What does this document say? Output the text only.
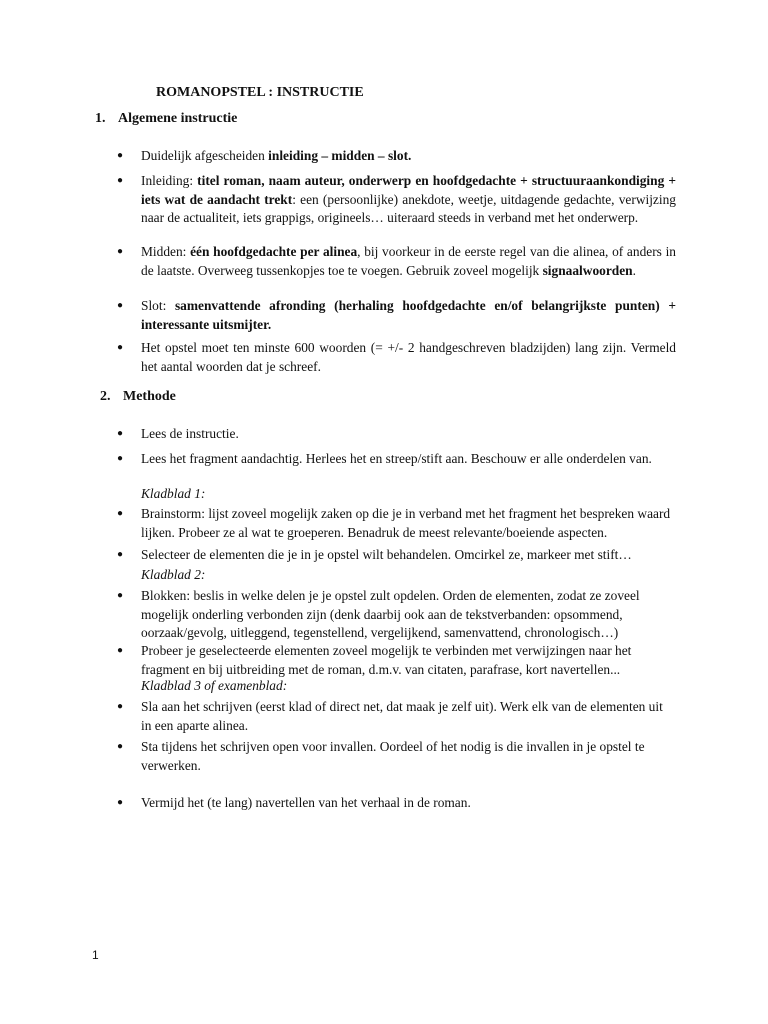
ROMANOPSTEL : INSTRUCTIE
1. Algemene instructie

● Duidelijk afgescheiden inleiding – midden – slot.

● Inleiding: titel roman, naam auteur, onderwerp en hoofdgedachte + structuuraankondiging + iets wat de aandacht trekt: een (persoonlijke) anekdote, weetje, uitdagende gedachte, verwijzing naar de actualiteit, iets grappigs, origineels… uiteraard steeds in verband met het onderwerp.

● Midden: één hoofdgedachte per alinea, bij voorkeur in de eerste regel van die alinea, of anders in de laatste. Overweeg tussenkopjes toe te voegen. Gebruik zoveel mogelijk signaalwoorden.

● Slot: samenvattende afronding (herhaling hoofdgedachte en/of belangrijkste punten) + interessante uitsmijter.

● Het opstel moet ten minste 600 woorden (= +/- 2 handgeschreven bladzijden) lang zijn. Vermeld het aantal woorden dat je schreef.

2. Methode

● Lees de instructie.

● Lees het fragment aandachtig. Herlees het en streep/stift aan. Beschouw er alle onderdelen van.

Kladblad 1:

● Brainstorm: lijst zoveel mogelijk zaken op die je in verband met het fragment het bespreken waard lijken. Probeer ze al wat te groeperen. Benadruk de meest relevante/boeiende aspecten.

● Selecteer de elementen die je in je opstel wilt behandelen. Omcirkel ze, markeer met stift…

Kladblad 2:

● Blokken: beslis in welke delen je je opstel zult opdelen. Orden de elementen, zodat ze zoveel mogelijk onderling verbonden zijn (denk daarbij ook aan de tekstverbanden: opsommend, oorzaak/gevolg, uitleggend, tegenstellend, vergelijkend, samenvattend, chronologisch…)

● Probeer je geselecteerde elementen zoveel mogelijk te verbinden met verwijzingen naar het fragment en bij uitbreiding met de roman, d.m.v. van citaten, parafrase, kort navertellen...

Kladblad 3 of examenblad:

● Sla aan het schrijven (eerst klad of direct net, dat maak je zelf uit). Werk elk van de elementen uit in een aparte alinea.

● Sta tijdens het schrijven open voor invallen. Oordeel of het nodig is die invallen in je opstel te verwerken.

● Vermijd het (te lang) navertellen van het verhaal in de roman.

1
